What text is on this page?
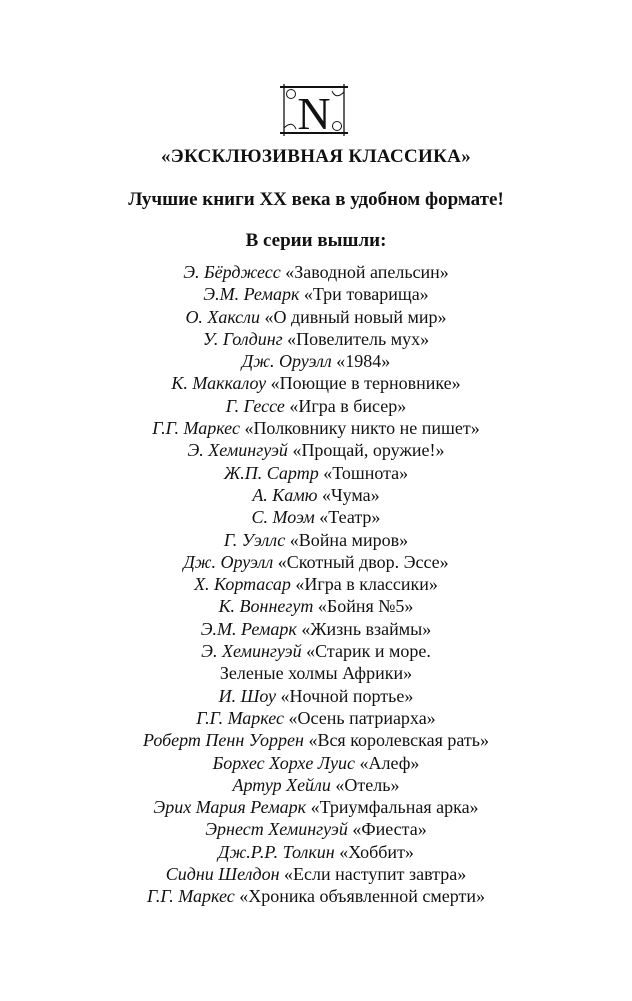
N
«ЭКСКЛЮЗИВНАЯ КЛАССИКА»
Лучшие книги XX века в удобном формате!
В серии вышли:
Э. Бёрджесс «Заводной апельсин»
Э.М. Ремарк «Три товарища»
О. Хаксли «О дивный новый мир»
У. Голдинг «Повелитель мух»
Дж. Оруэлл «1984»
К. Маккалоу «Поющие в терновнике»
Г. Гессе «Игра в бисер»
Г.Г. Маркес «Полковнику никто не пишет»
Э. Хемингуэй «Прощай, оружие!»
Ж.П. Сартр «Тошнота»
А. Камю «Чума»
С. Моэм «Театр»
Г. Уэллс «Война миров»
Дж. Оруэлл «Скотный двор. Эссе»
Х. Кортасар «Игра в классики»
К. Воннегут «Бойня №5»
Э.М. Ремарк «Жизнь взаймы»
Э. Хемингуэй «Старик и море.
Зеленые холмы Африки»
И. Шоу «Ночной портье»
Г.Г. Маркес «Осень патриарха»
Роберт Пенн Уоррен «Вся королевская рать»
Борхес Хорхе Луис «Алеф»
Артур Хейли «Отель»
Эрих Мария Ремарк «Триумфальная арка»
Эрнест Хемингуэй «Фиеста»
Дж.Р.Р. Толкин «Хоббит»
Сидни Шелдон «Если наступит завтра»
Г.Г. Маркес «Хроника объявленной смерти»
